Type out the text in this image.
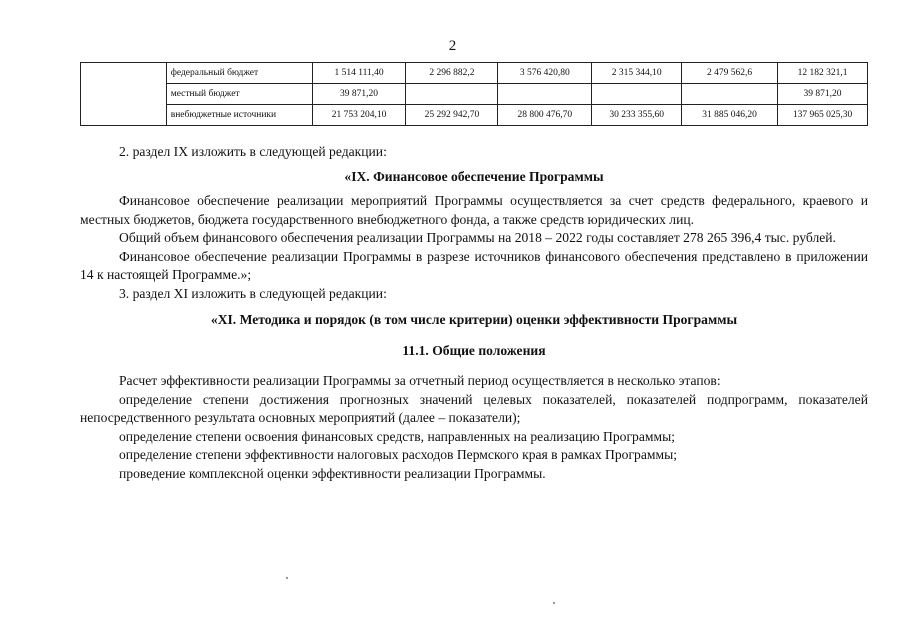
2
	федеральный бюджет	1 514 111,40	2 296 882,2	3 576 420,80	2 315 344,10	2 479 562,6	12 182 321,1
	местный бюджет	39 871,20					39 871,20
	внебюджетные источники	21 753 204,10	25 292 942,70	28 800 476,70	30 233 355,60	31 885 046,20	137 965 025,30

2. раздел IX изложить в следующей редакции:

«IX. Финансовое обеспечение Программы

Финансовое обеспечение реализации мероприятий Программы осуществляется за счет средств федерального, краевого и местных бюджетов, бюджета государственного внебюджетного фонда, а также средств юридических лиц.

Общий объем финансового обеспечения реализации Программы на 2018 – 2022 годы составляет 278 265 396,4 тыс. рублей.

Финансовое обеспечение реализации Программы в разрезе источников финансового обеспечения представлено в приложении 14 к настоящей Программе.»;

3. раздел XI изложить в следующей редакции:

«XI. Методика и порядок (в том числе критерии) оценки эффективности Программы

11.1. Общие положения

Расчет эффективности реализации Программы за отчетный период осуществляется в несколько этапов:

определение степени достижения прогнозных значений целевых показателей, показателей подпрограмм, показателей непосредственного результата основных мероприятий (далее – показатели);

определение степени освоения финансовых средств, направленных на реализацию Программы;

определение степени эффективности налоговых расходов Пермского края в рамках Программы;

проведение комплексной оценки эффективности реализации Программы.
